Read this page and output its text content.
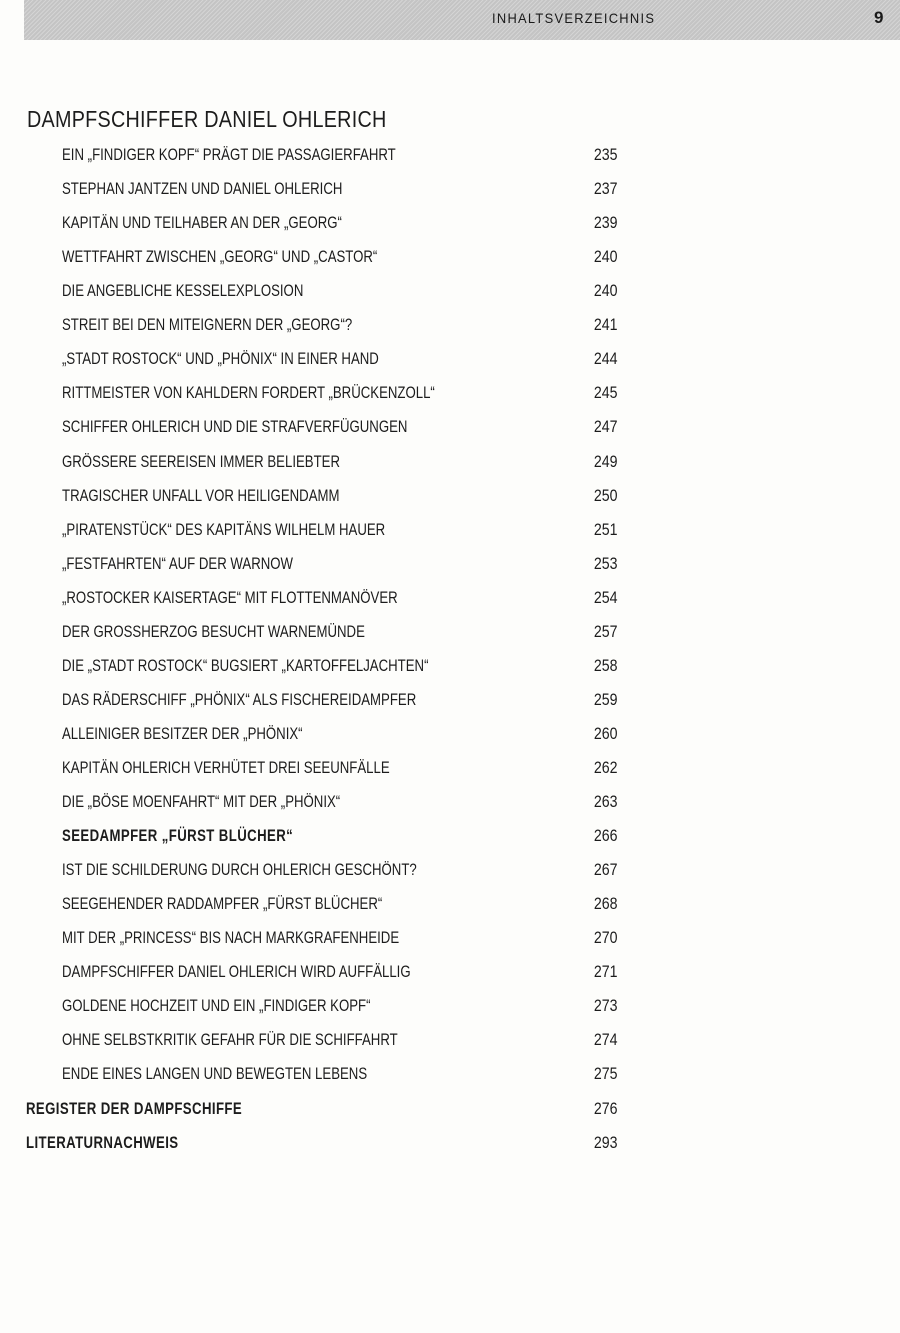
INHALTSVERZEICHNIS	9
DAMPFSCHIFFER DANIEL OHLERICH
EIN „FINDIGER KOPF“ PRÄGT DIE PASSAGIERFAHRT	235
STEPHAN JANTZEN UND DANIEL OHLERICH	237
KAPITÄN UND TEILHABER AN DER „GEORG“	239
WETTFAHRT ZWISCHEN „GEORG“ UND „CASTOR“	240
DIE ANGEBLICHE KESSELEXPLOSION	240
STREIT BEI DEN MITEIGNERN DER „GEORG“?	241
„STADT ROSTOCK“ UND „PHÖNIX“ IN EINER HAND	244
RITTMEISTER VON KAHLDERN FORDERT „BRÜCKENZOLL“	245
SCHIFFER OHLERICH UND DIE STRAFVERFÜGUNGEN	247
GRÖSSERE SEEREISEN IMMER BELIEBTER	249
TRAGISCHER UNFALL VOR HEILIGENDAMM	250
„PIRATENSTÜCK“ DES KAPITÄNS WILHELM HAUER	251
„FESTFAHRTEN“ AUF DER WARNOW	253
„ROSTOCKER KAISERTAGE“ MIT FLOTTENMANÖVER	254
DER GROSSHERZOG BESUCHT WARNEMÜNDE	257
DIE „STADT ROSTOCK“ BUGSIERT „KARTOFFELJACHTEN“	258
DAS RÄDERSCHIFF „PHÖNIX“ ALS FISCHEREIDAMPFER	259
ALLEINIGER BESITZER DER „PHÖNIX“	260
KAPITÄN OHLERICH VERHÜTET DREI SEEUNFÄLLE	262
DIE „BÖSE MOENFAHRT“ MIT DER „PHÖNIX“	263
SEEDAMPFER „FÜRST BLÜCHER“	266
IST DIE SCHILDERUNG DURCH OHLERICH GESCHÖNT?	267
SEEGEHENDER RADDAMPFER „FÜRST BLÜCHER“	268
MIT DER „PRINCESS“ BIS NACH MARKGRAFENHEIDE	270
DAMPFSCHIFFER DANIEL OHLERICH WIRD AUFFÄLLIG	271
GOLDENE HOCHZEIT UND EIN „FINDIGER KOPF“	273
OHNE SELBSTKRITIK GEFAHR FÜR DIE SCHIFFAHRT	274
ENDE EINES LANGEN UND BEWEGTEN LEBENS	275
REGISTER DER DAMPFSCHIFFE	276
LITERATURNACHWEIS	293
